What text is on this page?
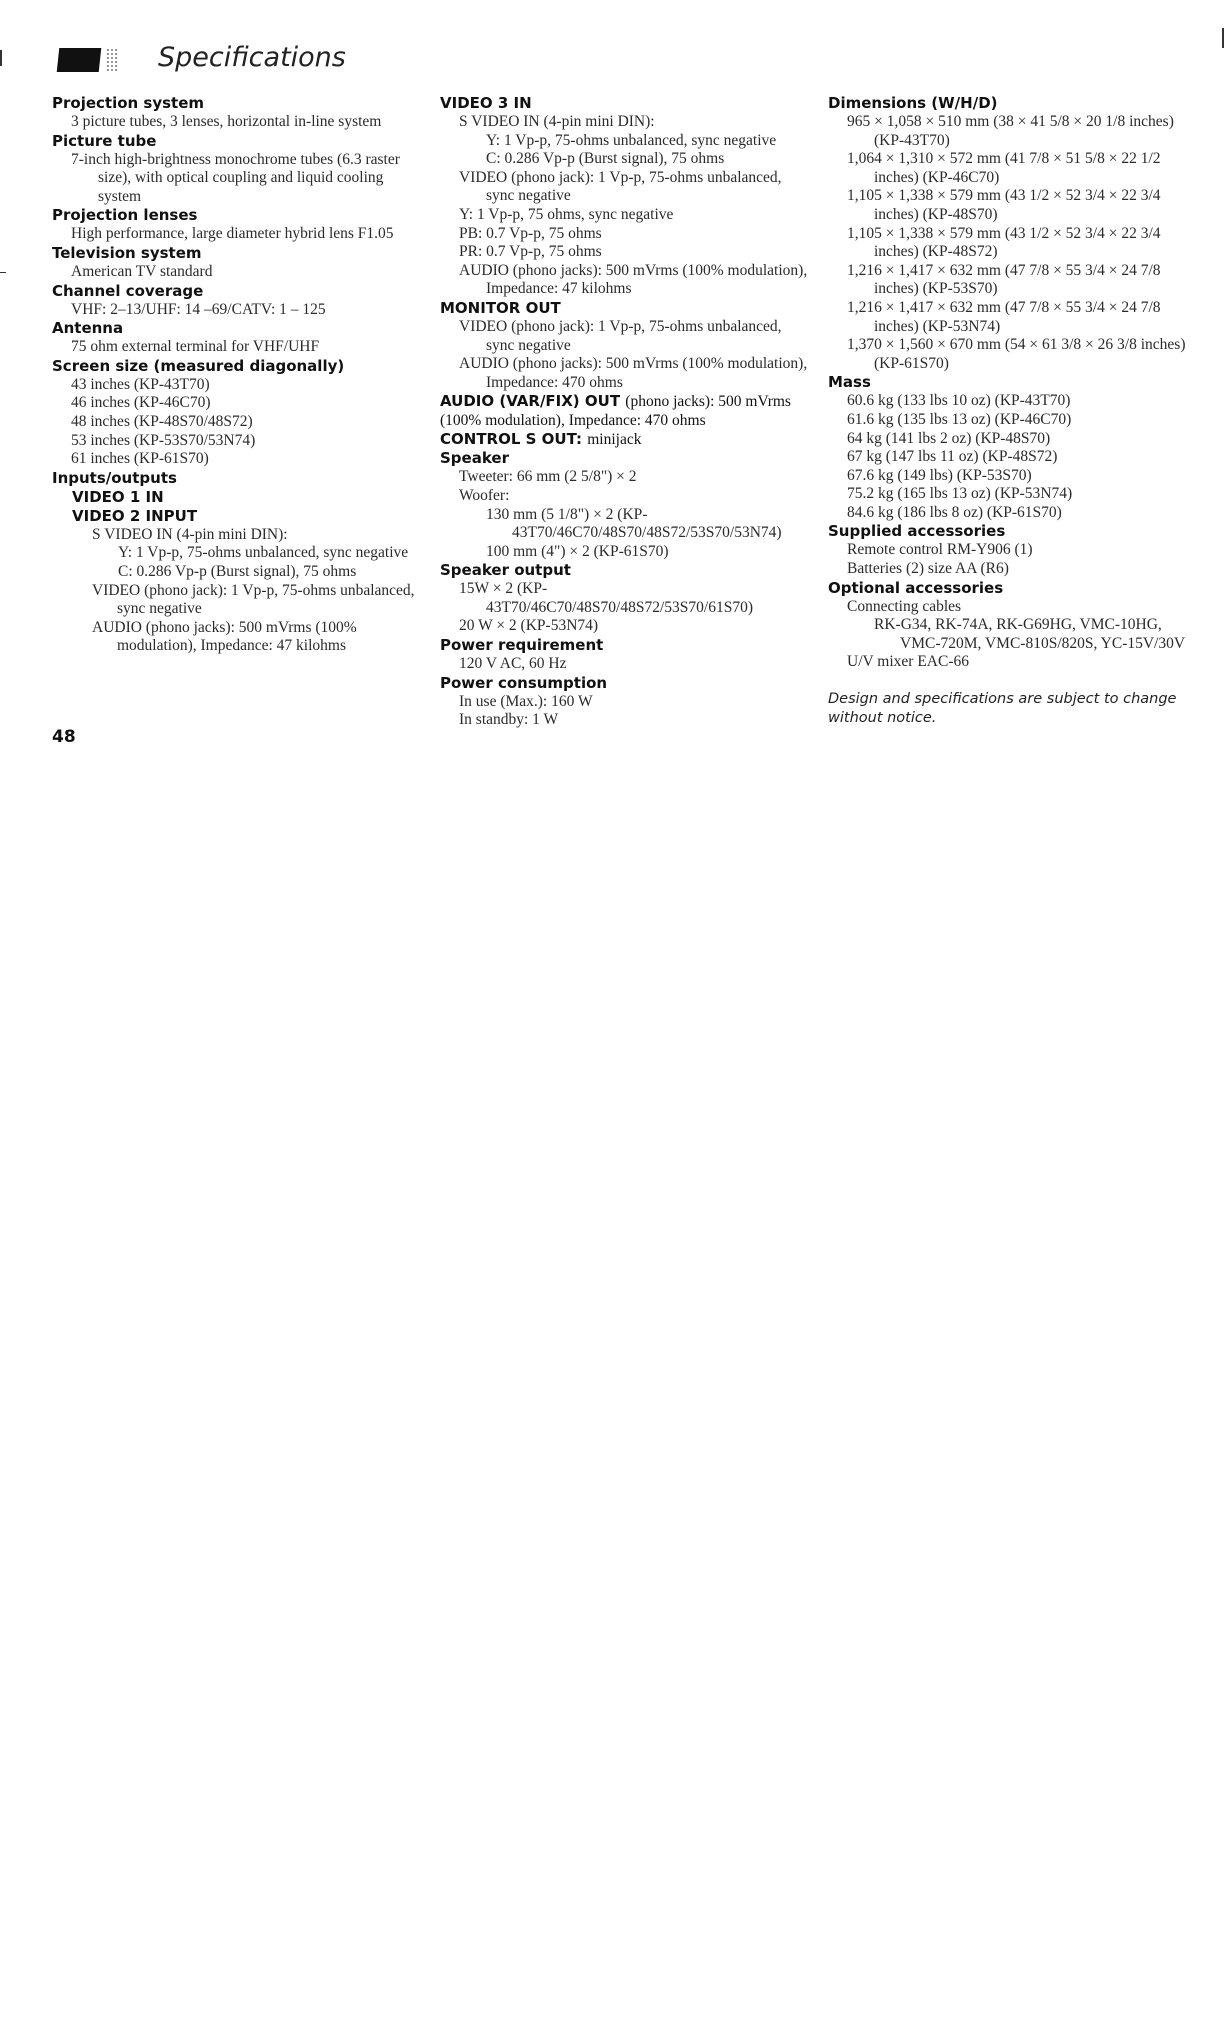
Specifications
Projection system
3 picture tubes, 3 lenses, horizontal in-line system
Picture tube
7-inch high-brightness monochrome tubes (6.3 raster size), with optical coupling and liquid cooling system
Projection lenses
High performance, large diameter hybrid lens F1.05
Television system
American TV standard
Channel coverage
VHF: 2–13/UHF: 14 –69/CATV: 1 – 125
Antenna
75 ohm external terminal for VHF/UHF
Screen size (measured diagonally)
43 inches (KP-43T70)
46 inches (KP-46C70)
48 inches (KP-48S70/48S72)
53 inches (KP-53S70/53N74)
61 inches (KP-61S70)
Inputs/outputs
VIDEO 1 IN
VIDEO 2 INPUT
S VIDEO IN (4-pin mini DIN):
Y: 1 Vp-p, 75-ohms unbalanced, sync negative
C: 0.286 Vp-p (Burst signal), 75 ohms
VIDEO (phono jack): 1 Vp-p, 75-ohms unbalanced, sync negative
AUDIO (phono jacks): 500 mVrms (100% modulation), Impedance: 47 kilohms
VIDEO 3 IN
S VIDEO IN (4-pin mini DIN):
Y: 1 Vp-p, 75-ohms unbalanced, sync negative
C: 0.286 Vp-p (Burst signal), 75 ohms
VIDEO (phono jack): 1 Vp-p, 75-ohms unbalanced, sync negative
Y: 1 Vp-p, 75 ohms, sync negative
PB: 0.7 Vp-p, 75 ohms
PR: 0.7 Vp-p, 75 ohms
AUDIO (phono jacks): 500 mVrms (100% modulation), Impedance: 47 kilohms
MONITOR OUT
VIDEO (phono jack): 1 Vp-p, 75-ohms unbalanced, sync negative
AUDIO (phono jacks): 500 mVrms (100% modulation), Impedance: 470 ohms
AUDIO (VAR/FIX) OUT (phono jacks): 500 mVrms (100% modulation), Impedance: 470 ohms
CONTROL S OUT: minijack
Speaker
Tweeter: 66 mm (2 5/8") × 2
Woofer:
130 mm (5 1/8") × 2 (KP-43T70/46C70/48S70/48S72/53S70/53N74)
100 mm (4") × 2 (KP-61S70)
Speaker output
15W × 2 (KP-43T70/46C70/48S70/48S72/53S70/61S70)
20 W × 2 (KP-53N74)
Power requirement
120 V AC, 60 Hz
Power consumption
In use (Max.): 160 W
In standby: 1 W
Dimensions (W/H/D)
965 × 1,058 × 510 mm (38 × 41 5/8 × 20 1/8 inches) (KP-43T70)
1,064 × 1,310 × 572 mm (41 7/8 × 51 5/8 × 22 1/2 inches) (KP-46C70)
1,105 × 1,338 × 579 mm (43 1/2 × 52 3/4 × 22 3/4 inches) (KP-48S70)
1,105 × 1,338 × 579 mm (43 1/2 × 52 3/4 × 22 3/4 inches) (KP-48S72)
1,216 × 1,417 × 632 mm (47 7/8 × 55 3/4 × 24 7/8 inches) (KP-53S70)
1,216 × 1,417 × 632 mm (47 7/8 × 55 3/4 × 24 7/8 inches) (KP-53N74)
1,370 × 1,560 × 670 mm (54 × 61 3/8 × 26 3/8 inches) (KP-61S70)
Mass
60.6 kg (133 lbs 10 oz) (KP-43T70)
61.6 kg (135 lbs 13 oz) (KP-46C70)
64 kg (141 lbs 2 oz) (KP-48S70)
67 kg (147 lbs 11 oz) (KP-48S72)
67.6 kg (149 lbs) (KP-53S70)
75.2 kg (165 lbs 13 oz) (KP-53N74)
84.6 kg (186 lbs 8 oz) (KP-61S70)
Supplied accessories
Remote control RM-Y906 (1)
Batteries (2) size AA (R6)
Optional accessories
Connecting cables
RK-G34, RK-74A, RK-G69HG, VMC-10HG, VMC-720M, VMC-810S/820S, YC-15V/30V
U/V mixer EAC-66
Design and specifications are subject to change without notice.
48
